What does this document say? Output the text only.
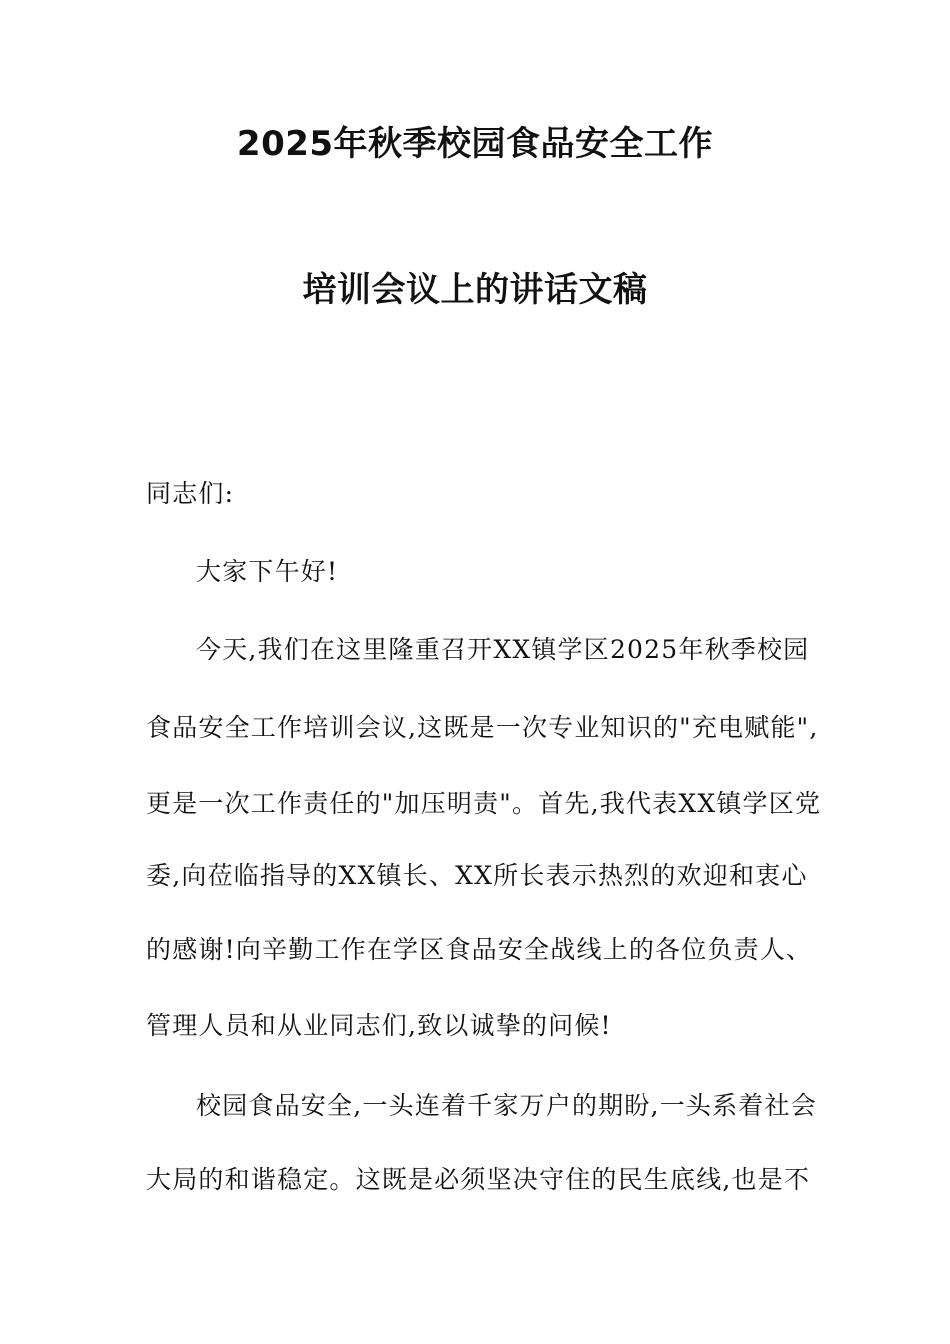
2025年秋季校园食品安全工作
培训会议上的讲话文稿
同志们:
大家下午好!
今天,我们在这里隆重召开XX镇学区2025年秋季校园
食品安全工作培训会议,这既是一次专业知识的"充电赋能",
更是一次工作责任的"加压明责"。首先,我代表XX镇学区党
委,向莅临指导的XX镇长、XX所长表示热烈的欢迎和衷心
的感谢!向辛勤工作在学区食品安全战线上的各位负责人、
管理人员和从业同志们,致以诚挚的问候!
校园食品安全,一头连着千家万户的期盼,一头系着社会
大局的和谐稳定。这既是必须坚决守住的民生底线,也是不
